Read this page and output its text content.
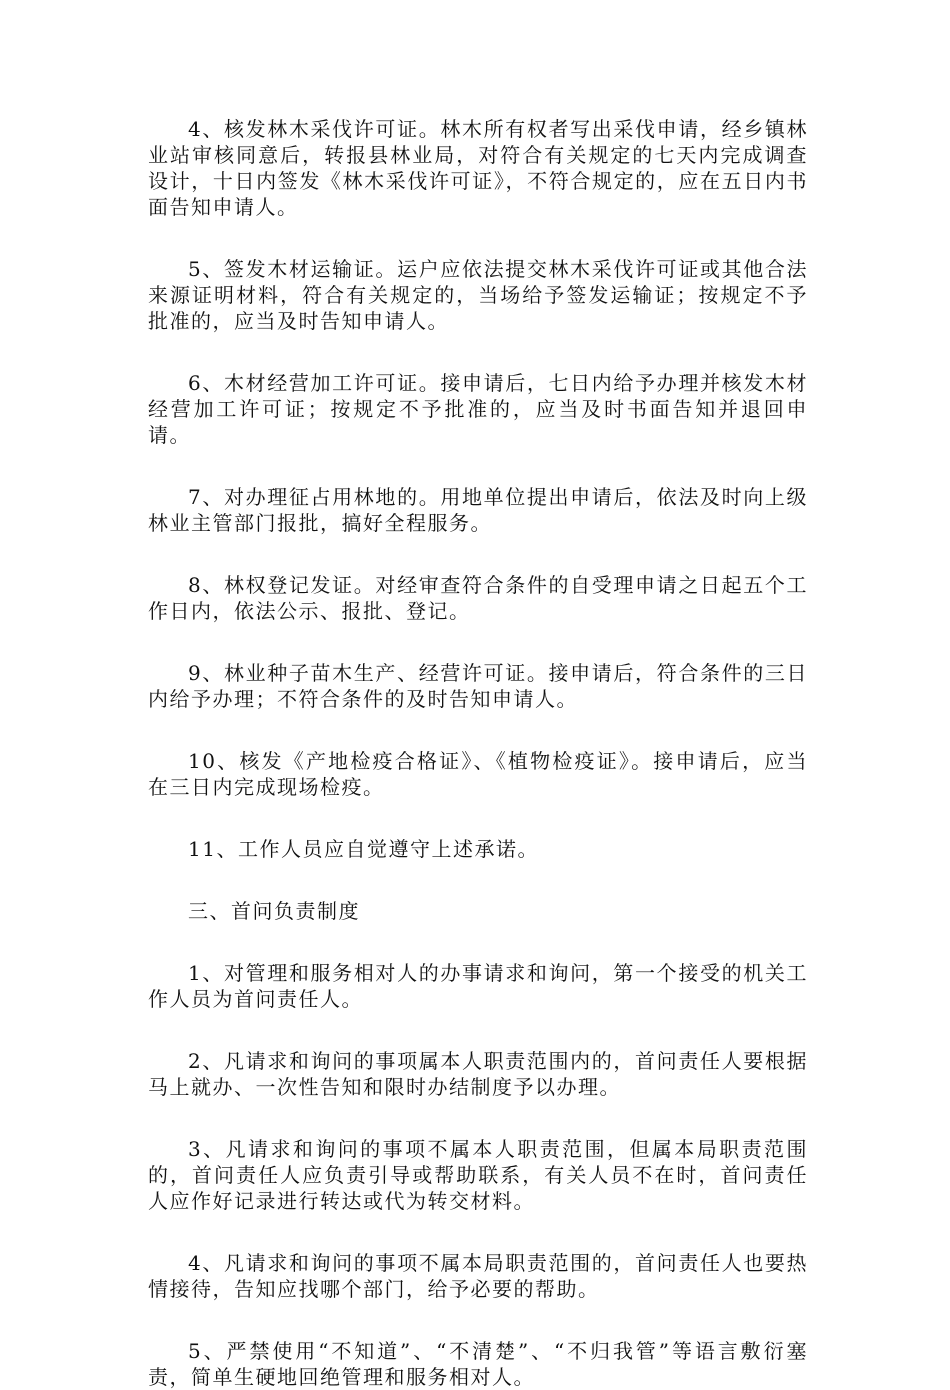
4、核发林木采伐许可证。林木所有权者写出采伐申请，经乡镇林业站审核同意后，转报县林业局，对符合有关规定的七天内完成调查设计，十日内签发《林木采伐许可证》，不符合规定的，应在五日内书面告知申请人。

5、签发木材运输证。运户应依法提交林木采伐许可证或其他合法来源证明材料，符合有关规定的，当场给予签发运输证；按规定不予批准的，应当及时告知申请人。

6、木材经营加工许可证。接申请后，七日内给予办理并核发木材经营加工许可证；按规定不予批准的，应当及时书面告知并退回申请。

7、对办理征占用林地的。用地单位提出申请后，依法及时向上级林业主管部门报批，搞好全程服务。

8、林权登记发证。对经审查符合条件的自受理申请之日起五个工作日内，依法公示、报批、登记。

9、林业种子苗木生产、经营许可证。接申请后，符合条件的三日内给予办理；不符合条件的及时告知申请人。

10、核发《产地检疫合格证》、《植物检疫证》。接申请后，应当在三日内完成现场检疫。

11、工作人员应自觉遵守上述承诺。

三、首问负责制度

1、对管理和服务相对人的办事请求和询问，第一个接受的机关工作人员为首问责任人。

2、凡请求和询问的事项属本人职责范围内的，首问责任人要根据马上就办、一次性告知和限时办结制度予以办理。

3、凡请求和询问的事项不属本人职责范围，但属本局职责范围的，首问责任人应负责引导或帮助联系，有关人员不在时，首问责任人应作好记录进行转达或代为转交材料。

4、凡请求和询问的事项不属本局职责范围的，首问责任人也要热情接待，告知应找哪个部门，给予必要的帮助。

5、严禁使用“不知道”、“不清楚”、“不归我管”等语言敷衍塞责，简单生硬地回绝管理和服务相对人。
